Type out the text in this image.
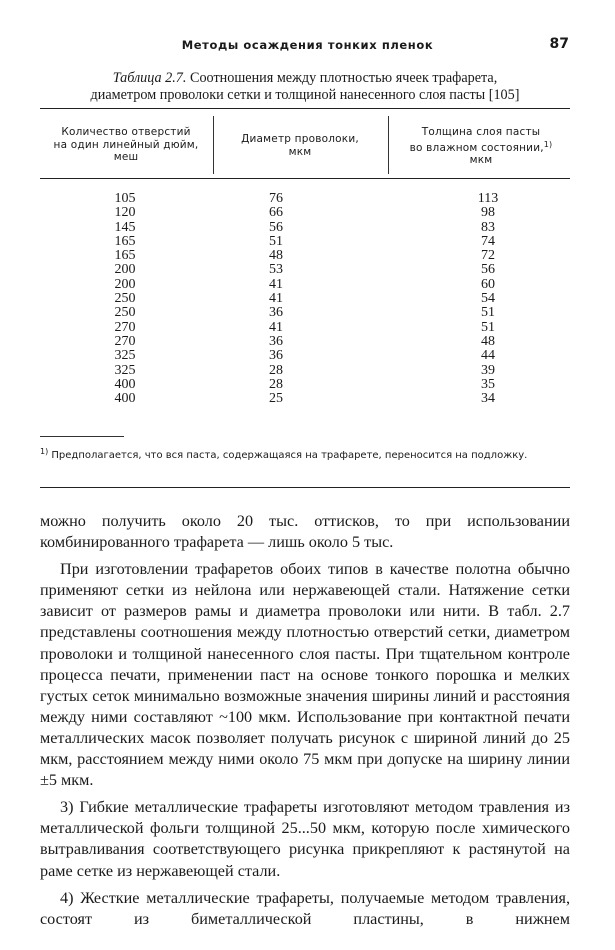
Методы осаждения тонких пленок	87
Таблица 2.7. Соотношения между плотностью ячеек трафарета,
диаметром проволоки сетки и толщиной нанесенного слоя пасты [105]
Количество отверстий
на один линейный дюйм,
меш
Диаметр проволоки,
мкм
Толщина слоя пасты
во влажном состоянии,$^{1)}$
мкм
105
120
145
165
165
200
200
250
250
270
270
325
325
400
400
76
66
56
51
48
53
41
41
36
41
36
36
28
28
25
113
98
83
74
72
56
60
54
51
51
48
44
39
35
34
$^{1)}$ Предполагается, что вся паста, содержащаяся на трафарете, переносится на подложку.

можно получить около 20 тыс. оттисков, то при использовании комбинированного трафарета — лишь около 5 тыс.

При изготовлении трафаретов обоих типов в качестве полотна обычно применяют сетки из нейлона или нержавеющей стали. Натяжение сетки зависит от размеров рамы и диаметра проволоки или нити. В табл. 2.7 представлены соотношения между плотностью отверстий сетки, диаметром проволоки и толщиной нанесенного слоя пасты. При тщательном контроле процесса печати, применении паст на основе тонкого порошка и мелких густых сеток минимально возможные значения ширины линий и расстояния между ними составляют ~100 мкм. Использование при контактной печати металлических масок позволяет получать рисунок с шириной линий до 25 мкм, расстоянием между ними около 75 мкм при допуске на ширину линии ±5 мкм.

3) Гибкие металлические трафареты изготовляют методом травления из металлической фольги толщиной 25...50 мкм, которую после химического вытравливания соответствующего рисунка прикрепляют к растянутой на раме сетке из нержавеющей стали.

4) Жесткие металлические трафареты, получаемые методом травления, состоят из биметаллической пластины, в нижнем
